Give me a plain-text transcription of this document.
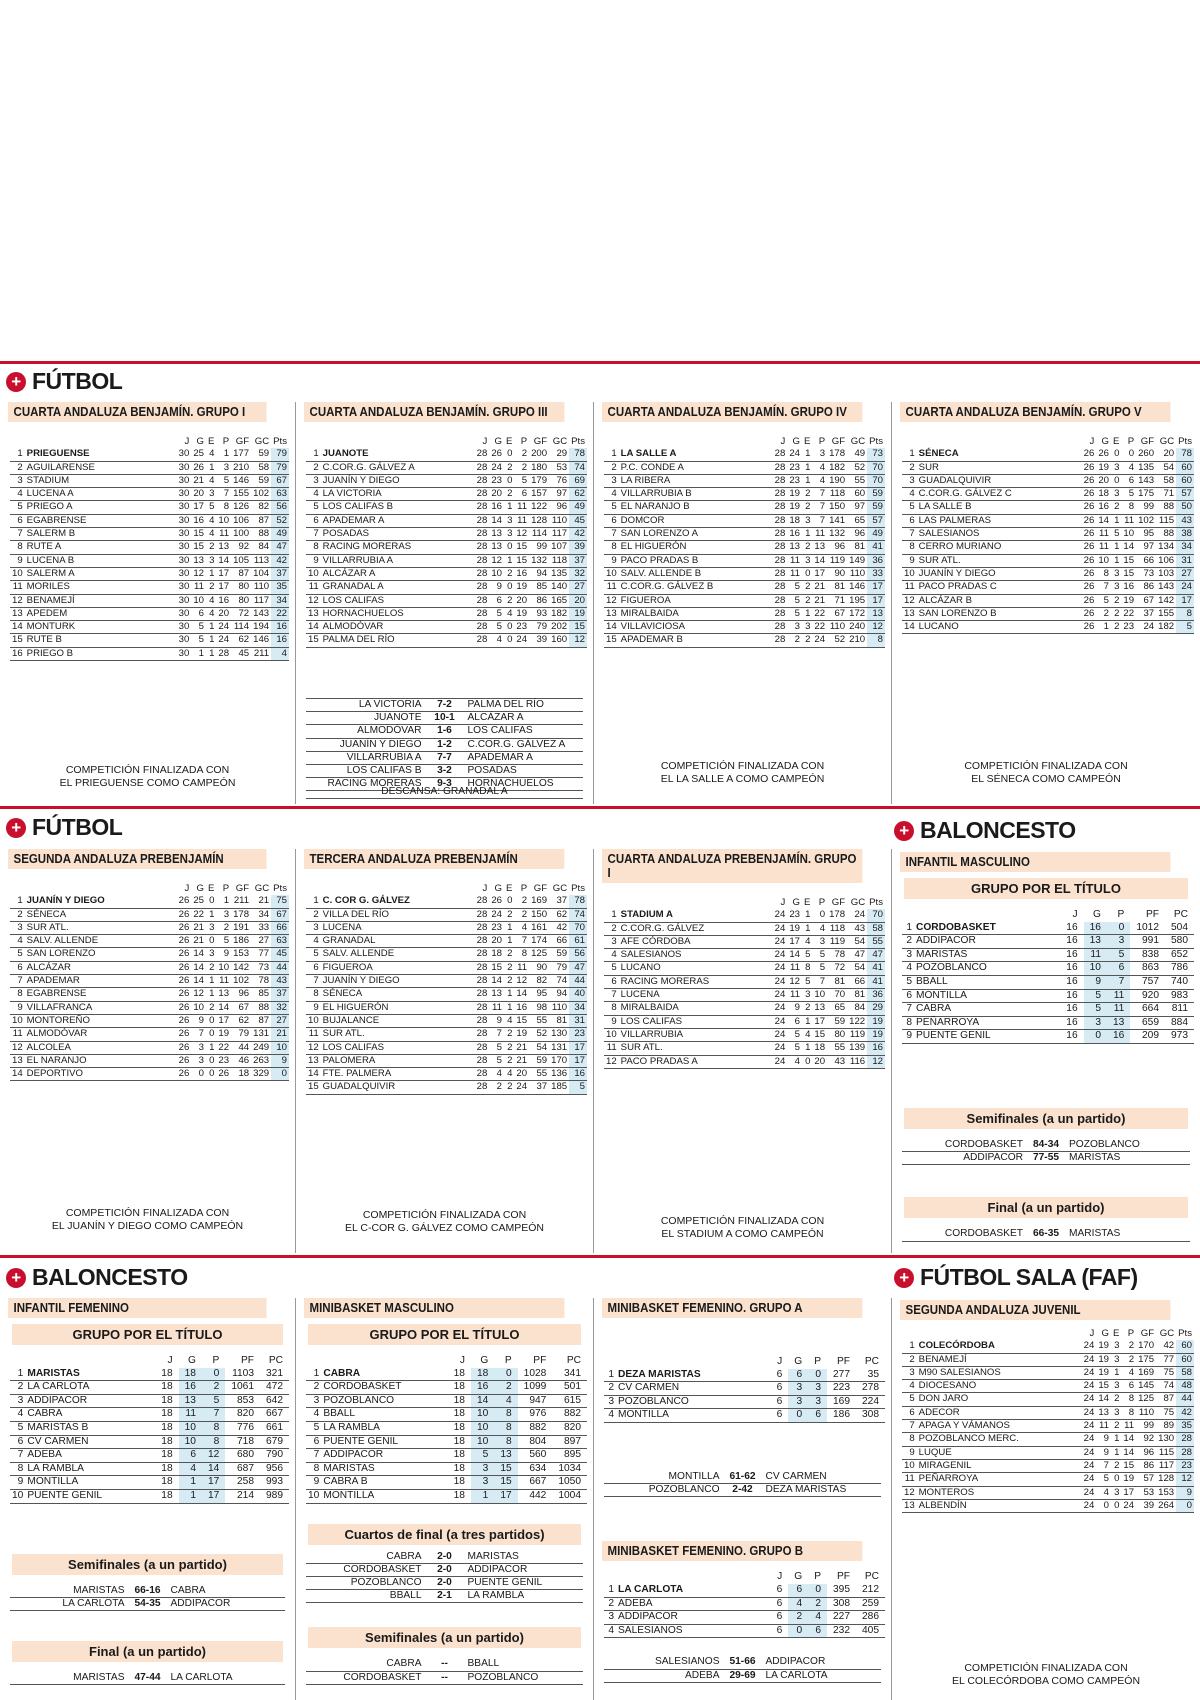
+ FÚTBOL
CUARTA ANDALUZA BENJAMÍN. GRUPO I
		J	G	E	P	GF	GC	Pts
1	PRIEGUENSE	30	25	4	1	177	59	79
2	AGUILARENSE	30	26	1	3	210	58	79
3	STADIUM	30	21	4	5	146	59	67
4	LUCENA A	30	20	3	7	155	102	63
5	PRIEGO A	30	17	5	8	126	82	56
6	EGABRENSE	30	16	4	10	106	87	52
7	SALERM B	30	15	4	11	100	88	49
8	RUTE A	30	15	2	13	92	84	47
9	LUCENA B	30	13	3	14	105	113	42
10	SALERM A	30	12	1	17	87	104	37
11	MORILES	30	11	2	17	80	110	35
12	BENAMEJÍ	30	10	4	16	80	117	34
13	APEDEM	30	6	4	20	72	143	22
14	MONTURK	30	5	1	24	114	194	16
15	RUTE B	30	5	1	24	62	146	16
16	PRIEGO B	30	1	1	28	45	211	4
COMPETICIÓN FINALIZADA CON
EL PRIEGUENSE COMO CAMPEÓN
CUARTA ANDALUZA BENJAMÍN. GRUPO III
		J	G	E	P	GF	GC	Pts
1	JUANOTE	28	26	0	2	200	29	78
2	C.COR.G. GÁLVEZ A	28	24	2	2	180	53	74
3	JUANÍN Y DIEGO	28	23	0	5	179	76	69
4	LA VICTORIA	28	20	2	6	157	97	62
5	LOS CALIFAS B	28	16	1	11	122	96	49
6	APADEMAR A	28	14	3	11	128	110	45
7	POSADAS	28	13	3	12	114	117	42
8	RACING MORERAS	28	13	0	15	99	107	39
9	VILLARRUBIA A	28	12	1	15	132	118	37
10	ALCÁZAR A	28	10	2	16	94	135	32
11	GRANADAL A	28	9	0	19	85	140	27
12	LOS CALIFAS	28	6	2	20	86	165	20
13	HORNACHUELOS	28	5	4	19	93	182	19
14	ALMODÓVAR	28	5	0	23	79	202	15
15	PALMA DEL RÍO	28	4	0	24	39	160	12
LA VICTORIA	7-2	PALMA DEL RÍO
JUANOTE	10-1	ALCÁZAR A
ALMODÓVAR	1-6	LOS CALIFAS
JUANÍN Y DIEGO	1-2	C.COR.G. GÁLVEZ A
VILLARRUBIA A	7-7	APADEMAR A
LOS CALIFAS B	3-2	POSADAS
RACING MORERAS	9-3	HORNACHUELOS
DESCANSA: GRANADAL A
CUARTA ANDALUZA BENJAMÍN. GRUPO IV
		J	G	E	P	GF	GC	Pts
1	LA SALLE A	28	24	1	3	178	49	73
2	P.C. CONDE A	28	23	1	4	182	52	70
3	LA RIBERA	28	23	1	4	190	55	70
4	VILLARRUBIA B	28	19	2	7	118	60	59
5	EL NARANJO B	28	19	2	7	150	97	59
6	DOMCOR	28	18	3	7	141	65	57
7	SAN LORENZO A	28	16	1	11	132	96	49
8	EL HIGUERÓN	28	13	2	13	96	81	41
9	PACO PRADAS B	28	11	3	14	119	149	36
10	SALV. ALLENDE B	28	11	0	17	90	110	33
11	C.COR.G. GÁLVEZ B	28	5	2	21	81	146	17
12	FIGUEROA	28	5	2	21	71	195	17
13	MIRALBAIDA	28	5	1	22	67	172	13
14	VILLAVICIOSA	28	3	3	22	110	240	12
15	APADEMAR B	28	2	2	24	52	210	8
COMPETICIÓN FINALIZADA CON
EL LA SALLE A COMO CAMPEÓN
CUARTA ANDALUZA BENJAMÍN. GRUPO V
		J	G	E	P	GF	GC	Pts
1	SÉNECA	26	26	0	0	260	20	78
2	SUR	26	19	3	4	135	54	60
3	GUADALQUIVIR	26	20	0	6	143	58	60
4	C.COR.G. GÁLVEZ C	26	18	3	5	175	71	57
5	LA SALLE B	26	16	2	8	99	88	50
6	LAS PALMERAS	26	14	1	11	102	115	43
7	SALESIANOS	26	11	5	10	95	88	38
8	CERRO MURIANO	26	11	1	14	97	134	34
9	SUR ATL.	26	10	1	15	66	106	31
10	JUANÍN Y DIEGO	26	8	3	15	73	103	27
11	PACO PRADAS C	26	7	3	16	86	143	24
12	ALCÁZAR B	26	5	2	19	67	142	17
13	SAN LORENZO B	26	2	2	22	37	155	8
14	LUCANO	26	1	2	23	24	182	5
COMPETICIÓN FINALIZADA CON
EL SÉNECA COMO CAMPEÓN
+ FÚTBOL	+ BALONCESTO
SEGUNDA ANDALUZA PREBENJAMÍN
		J	G	E	P	GF	GC	Pts
1	JUANÍN Y DIEGO	26	25	0	1	211	21	75
2	SÉNECA	26	22	1	3	178	34	67
3	SUR ATL.	26	21	3	2	191	33	66
4	SALV. ALLENDE	26	21	0	5	186	27	63
5	SAN LORENZO	26	14	3	9	153	77	45
6	ALCÁZAR	26	14	2	10	142	73	44
7	APADEMAR	26	14	1	11	102	78	43
8	EGABRENSE	26	12	1	13	96	85	37
9	VILLAFRANCA	26	10	2	14	67	88	32
10	MONTOREÑO	26	9	0	17	62	87	27
11	ALMODÓVAR	26	7	0	19	79	131	21
12	ALCOLEA	26	3	1	22	44	249	10
13	EL NARANJO	26	3	0	23	46	263	9
14	DEPORTIVO	26	0	0	26	18	329	0
COMPETICIÓN FINALIZADA CON
EL JUANÍN Y DIEGO COMO CAMPEÓN
TERCERA ANDALUZA PREBENJAMÍN
		J	G	E	P	GF	GC	Pts
1	C. COR G. GÁLVEZ	28	26	0	2	169	37	78
2	VILLA DEL RÍO	28	24	2	2	150	62	74
3	LUCENA	28	23	1	4	161	42	70
4	GRANADAL	28	20	1	7	174	66	61
5	SALV. ALLENDE	28	18	2	8	125	59	56
6	FIGUEROA	28	15	2	11	90	79	47
7	JUANÍN Y DIEGO	28	14	2	12	82	74	44
8	SÉNECA	28	13	1	14	95	94	40
9	EL HIGUERÓN	28	11	1	16	98	110	34
10	BUJALANCE	28	9	4	15	55	81	31
11	SUR ATL.	28	7	2	19	52	130	23
12	LOS CALIFAS	28	5	2	21	54	131	17
13	PALOMERA	28	5	2	21	59	170	17
14	FTE. PALMERA	28	4	4	20	55	136	16
15	GUADALQUIVIR	28	2	2	24	37	185	5
COMPETICIÓN FINALIZADA CON
EL C-COR G. GÁLVEZ COMO CAMPEÓN
CUARTA ANDALUZA PREBENJAMÍN. GRUPO I
		J	G	E	P	GF	GC	Pts
1	STADIUM A	24	23	1	0	178	24	70
2	C.COR.G. GÁLVEZ	24	19	1	4	118	43	58
3	AFE CÓRDOBA	24	17	4	3	119	54	55
4	SALESIANOS	24	14	5	5	78	47	47
5	LUCANO	24	11	8	5	72	54	41
6	RACING MORERAS	24	12	5	7	81	66	41
7	LUCENA	24	11	3	10	70	81	36
8	MIRALBAIDA	24	9	2	13	65	84	29
9	LOS CALIFAS	24	6	1	17	59	122	19
10	VILLARRUBIA	24	5	4	15	80	119	19
11	SUR ATL.	24	5	1	18	55	139	16
12	PACO PRADAS A	24	4	0	20	43	116	12
COMPETICIÓN FINALIZADA CON
EL STADIUM A COMO CAMPEÓN
INFANTIL MASCULINO
GRUPO POR EL TÍTULO
		J	G	P	PF	PC
1	CORDOBASKET	16	16	0	1012	504
2	ADDIPACOR	16	13	3	991	580
3	MARISTAS	16	11	5	838	652
4	POZOBLANCO	16	10	6	863	786
5	BBALL	16	9	7	757	740
6	MONTILLA	16	5	11	920	983
7	CABRA	16	5	11	664	811
8	PEÑARROYA	16	3	13	659	884
9	PUENTE GENIL	16	0	16	209	973
Semifinales (a un partido)
CORDOBASKET 84-34 POZOBLANCO
ADDIPACOR 77-55 MARISTAS
Final (a un partido)
CORDOBASKET 66-35 MARISTAS
+ BALONCESTO	+ FÚTBOL SALA (FAF)
INFANTIL FEMENINO
GRUPO POR EL TÍTULO
		J	G	P	PF	PC
1	MARISTAS	18	18	0	1103	321
2	LA CARLOTA	18	16	2	1061	472
3	ADDIPACOR	18	13	5	853	642
4	CABRA	18	11	7	820	667
5	MARISTAS B	18	10	8	776	661
6	CV CARMEN	18	10	8	718	679
7	ADEBA	18	6	12	680	790
8	LA RAMBLA	18	4	14	687	956
9	MONTILLA	18	1	17	258	993
10	PUENTE GENIL	18	1	17	214	989
Semifinales (a un partido)
MARISTAS 66-16 CABRA
LA CARLOTA 54-35 ADDIPACOR
Final (a un partido)
MARISTAS 47-44 LA CARLOTA
MINIBASKET MASCULINO
GRUPO POR EL TÍTULO
		J	G	P	PF	PC
1	CABRA	18	18	0	1028	341
2	CORDOBASKET	18	16	2	1099	501
3	POZOBLANCO	18	14	4	947	615
4	BBALL	18	10	8	976	882
5	LA RAMBLA	18	10	8	882	820
6	PUENTE GENIL	18	10	8	804	897
7	ADDIPACOR	18	5	13	560	895
8	MARISTAS	18	3	15	634	1034
9	CABRA B	18	3	15	667	1050
10	MONTILLA	18	1	17	442	1004
Cuartos de final (a tres partidos)
CABRA	2-0	MARISTAS
CORDOBASKET	2-0	ADDIPACOR
POZOBLANCO	2-0	PUENTE GENIL
BBALL	2-1	LA RAMBLA
Semifinales (a un partido)
CABRA	--	BBALL
CORDOBASKET	--	POZOBLANCO
MINIBASKET FEMENINO. GRUPO A
		J	G	P	PF	PC
1	DEZA MARISTAS	6	6	0	277	35
2	CV CARMEN	6	3	3	223	278
3	POZOBLANCO	6	3	3	169	224
4	MONTILLA	6	0	6	186	308
MONTILLA 61-62 CV CARMEN
POZOBLANCO	2-42	DEZA MARISTAS
MINIBASKET FEMENINO. GRUPO B
		J	G	P	PF	PC
1	LA CARLOTA	6	6	0	395	212
2	ADEBA	6	4	2	308	259
3	ADDIPACOR	6	2	4	227	286
4	SALESIANOS	6	0	6	232	405
SALESIANOS 51-66 ADDIPACOR
ADEBA 29-69 LA CARLOTA
SEGUNDA ANDALUZA JUVENIL
		J	G	E	P	GF	GC	Pts
1	COLECÓRDOBA	24	19	3	2	170	42	60
2	BENAMEJÍ	24	19	3	2	175	77	60
3	M90 SALESIANOS	24	19	1	4	169	75	58
4	DIOCESANO	24	15	3	6	145	74	48
5	DON JARO	24	14	2	8	125	87	44
6	ADECOR	24	13	3	8	110	75	42
7	APAGA Y VÁMANOS	24	11	2	11	99	89	35
8	POZOBLANCO MERC.	24	9	1	14	92	130	28
9	LUQUE	24	9	1	14	96	115	28
10	MIRAGENIL	24	7	2	15	86	117	23
11	PEÑARROYA	24	5	0	19	57	128	12
12	MONTEROS	24	4	3	17	53	153	9
13	ALBENDÍN	24	0	0	24	39	264	0
COMPETICIÓN FINALIZADA CON
EL COLECÓRDOBA COMO CAMPEÓN
